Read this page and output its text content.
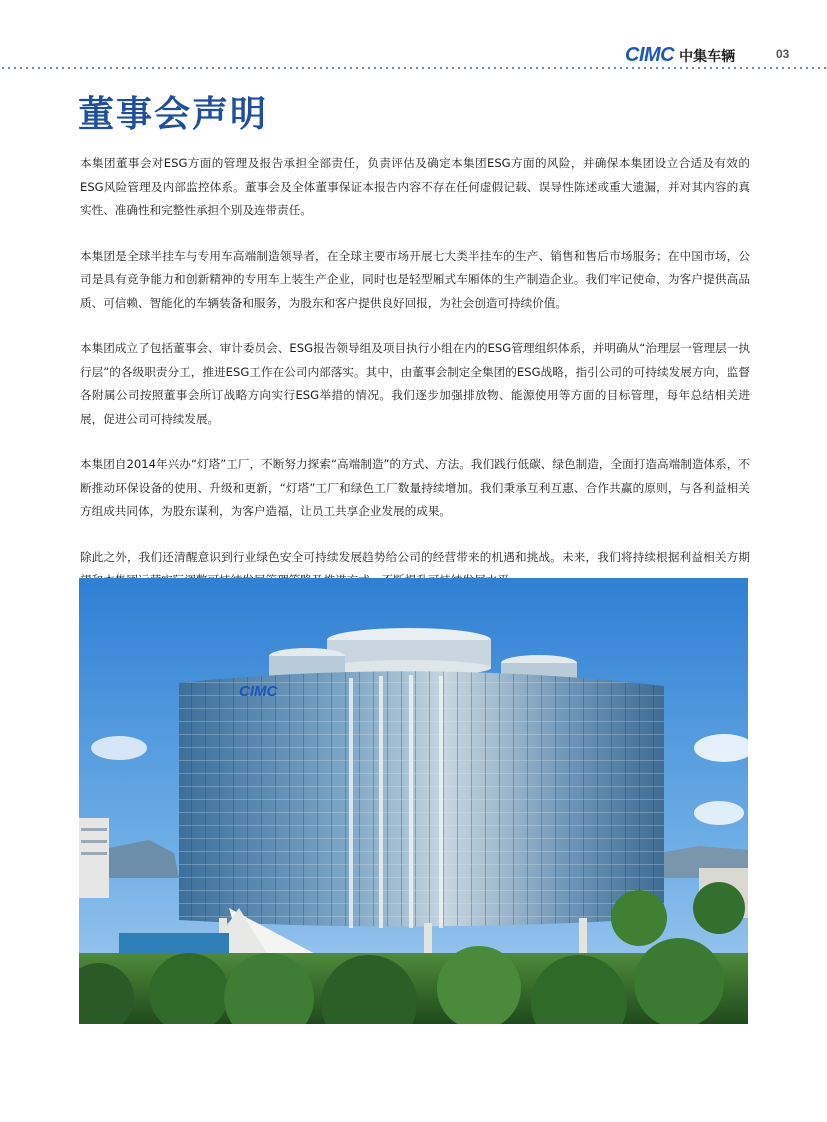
CIMC 中集车辆	03
董事会声明

本集团董事会对ESG方面的管理及报告承担全部责任，负责评估及确定本集团ESG方面的风险，并确保本集团设立合适及有效的ESG风险管理及内部监控体系。董事会及全体董事保证本报告内容不存在任何虚假记载、误导性陈述或重大遗漏，并对其内容的真实性、准确性和完整性承担个别及连带责任。

本集团是全球半挂车与专用车高端制造领导者，在全球主要市场开展七大类半挂车的生产、销售和售后市场服务；在中国市场，公司是具有竞争能力和创新精神的专用车上装生产企业，同时也是轻型厢式车厢体的生产制造企业。我们牢记使命，为客户提供高品质、可信赖、智能化的车辆装备和服务，为股东和客户提供良好回报，为社会创造可持续价值。

本集团成立了包括董事会、审计委员会、ESG报告领导组及项目执行小组在内的ESG管理组织体系，并明确从“治理层一管理层一执行层”的各级职责分工，推进ESG工作在公司内部落实。其中，由董事会制定全集团的ESG战略，指引公司的可持续发展方向，监督各附属公司按照董事会所订战略方向实行ESG举措的情况。我们逐步加强排放物、能源使用等方面的目标管理，每年总结相关进展，促进公司可持续发展。

本集团自2014年兴办“灯塔”工厂，不断努力探索“高端制造”的方式、方法。我们践行低碳、绿色制造，全面打造高端制造体系，不断推动环保设备的使用、升级和更新，“灯塔”工厂和绿色工厂数量持续增加。我们秉承互利互惠、合作共赢的原则，与各利益相关方组成共同体，为股东谋利，为客户造福，让员工共享企业发展的成果。

除此之外，我们还清醒意识到行业绿色安全可持续发展趋势给公司的经营带来的机遇和挑战。未来，我们将持续根据利益相关方期

CIMC
